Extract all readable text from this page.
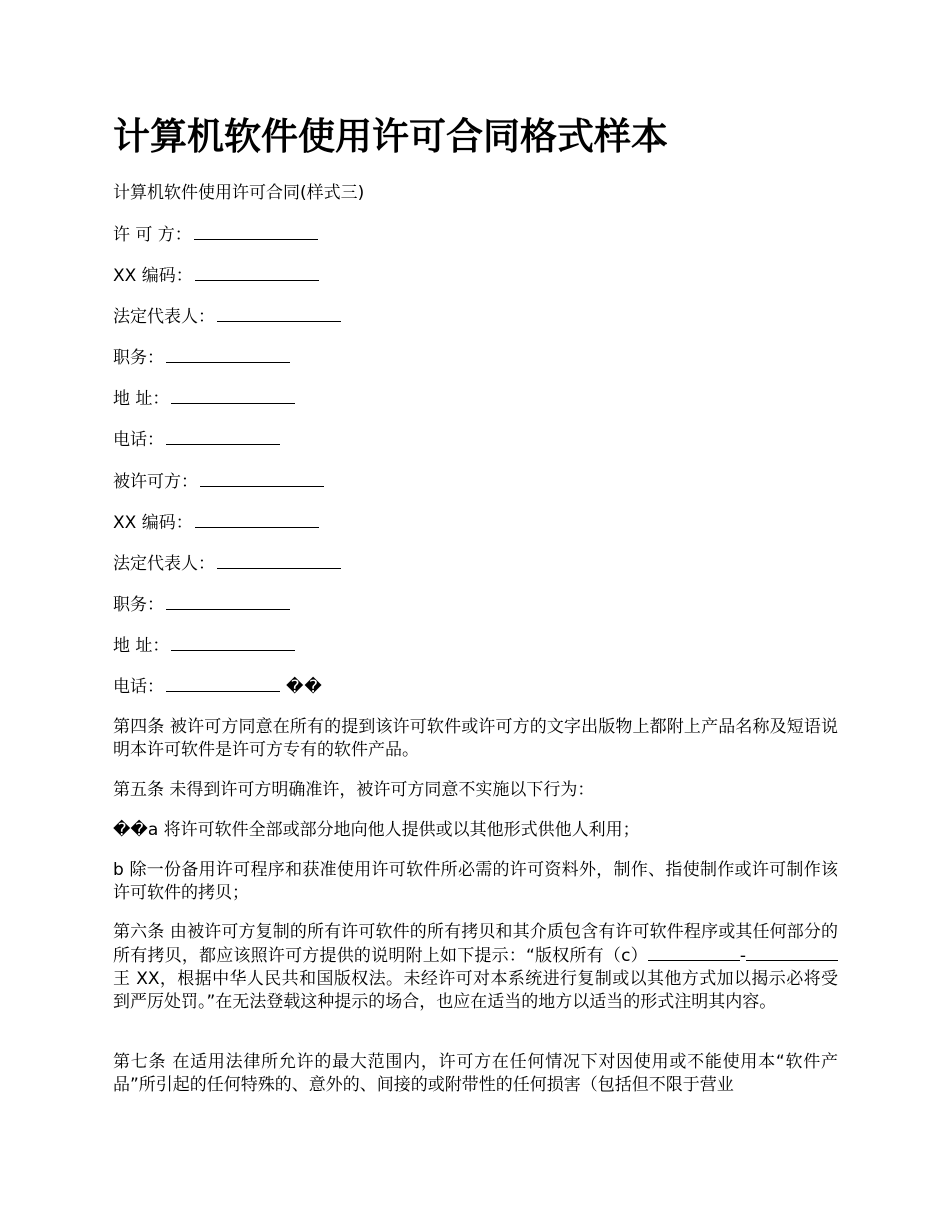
计算机软件使用许可合同格式样本
计算机软件使用许可合同(样式三)
许 可 方：
XX 编码：
法定代表人：
职务：
地 址：
电话：
被许可方：
XX 编码：
法定代表人：
职务：
地 址：
电话：	��
第四条 被许可方同意在所有的提到该许可软件或许可方的文字出版物上都附上产品名称及短语说明本许可软件是许可方专有的软件产品。
第五条 未得到许可方明确准许，被许可方同意不实施以下行为：
��a 将许可软件全部或部分地向他人提供或以其他形式供他人利用；
b 除一份备用许可程序和获准使用许可软件所必需的许可资料外，制作、指使制作或许可制作该许可软件的拷贝；
第六条 由被许可方复制的所有许可软件的所有拷贝和其介质包含有许可软件程序或其任何部分的所有拷贝，都应该照许可方提供的说明附上如下提示：“版权所有（c）	-王 XX，根据中华人民共和国版权法。未经许可对本系统进行复制或以其他方式加以揭示必将受到严厉处罚。”在无法登载这种提示的场合，也应在适当的地方以适当的形式注明其内容。
第七条 在适用法律所允许的最大范围内，许可方在任何情况下对因使用或不能使用本“软件产品”所引起的任何特殊的、意外的、间接的或附带性的任何损害（包括但不限于营业
